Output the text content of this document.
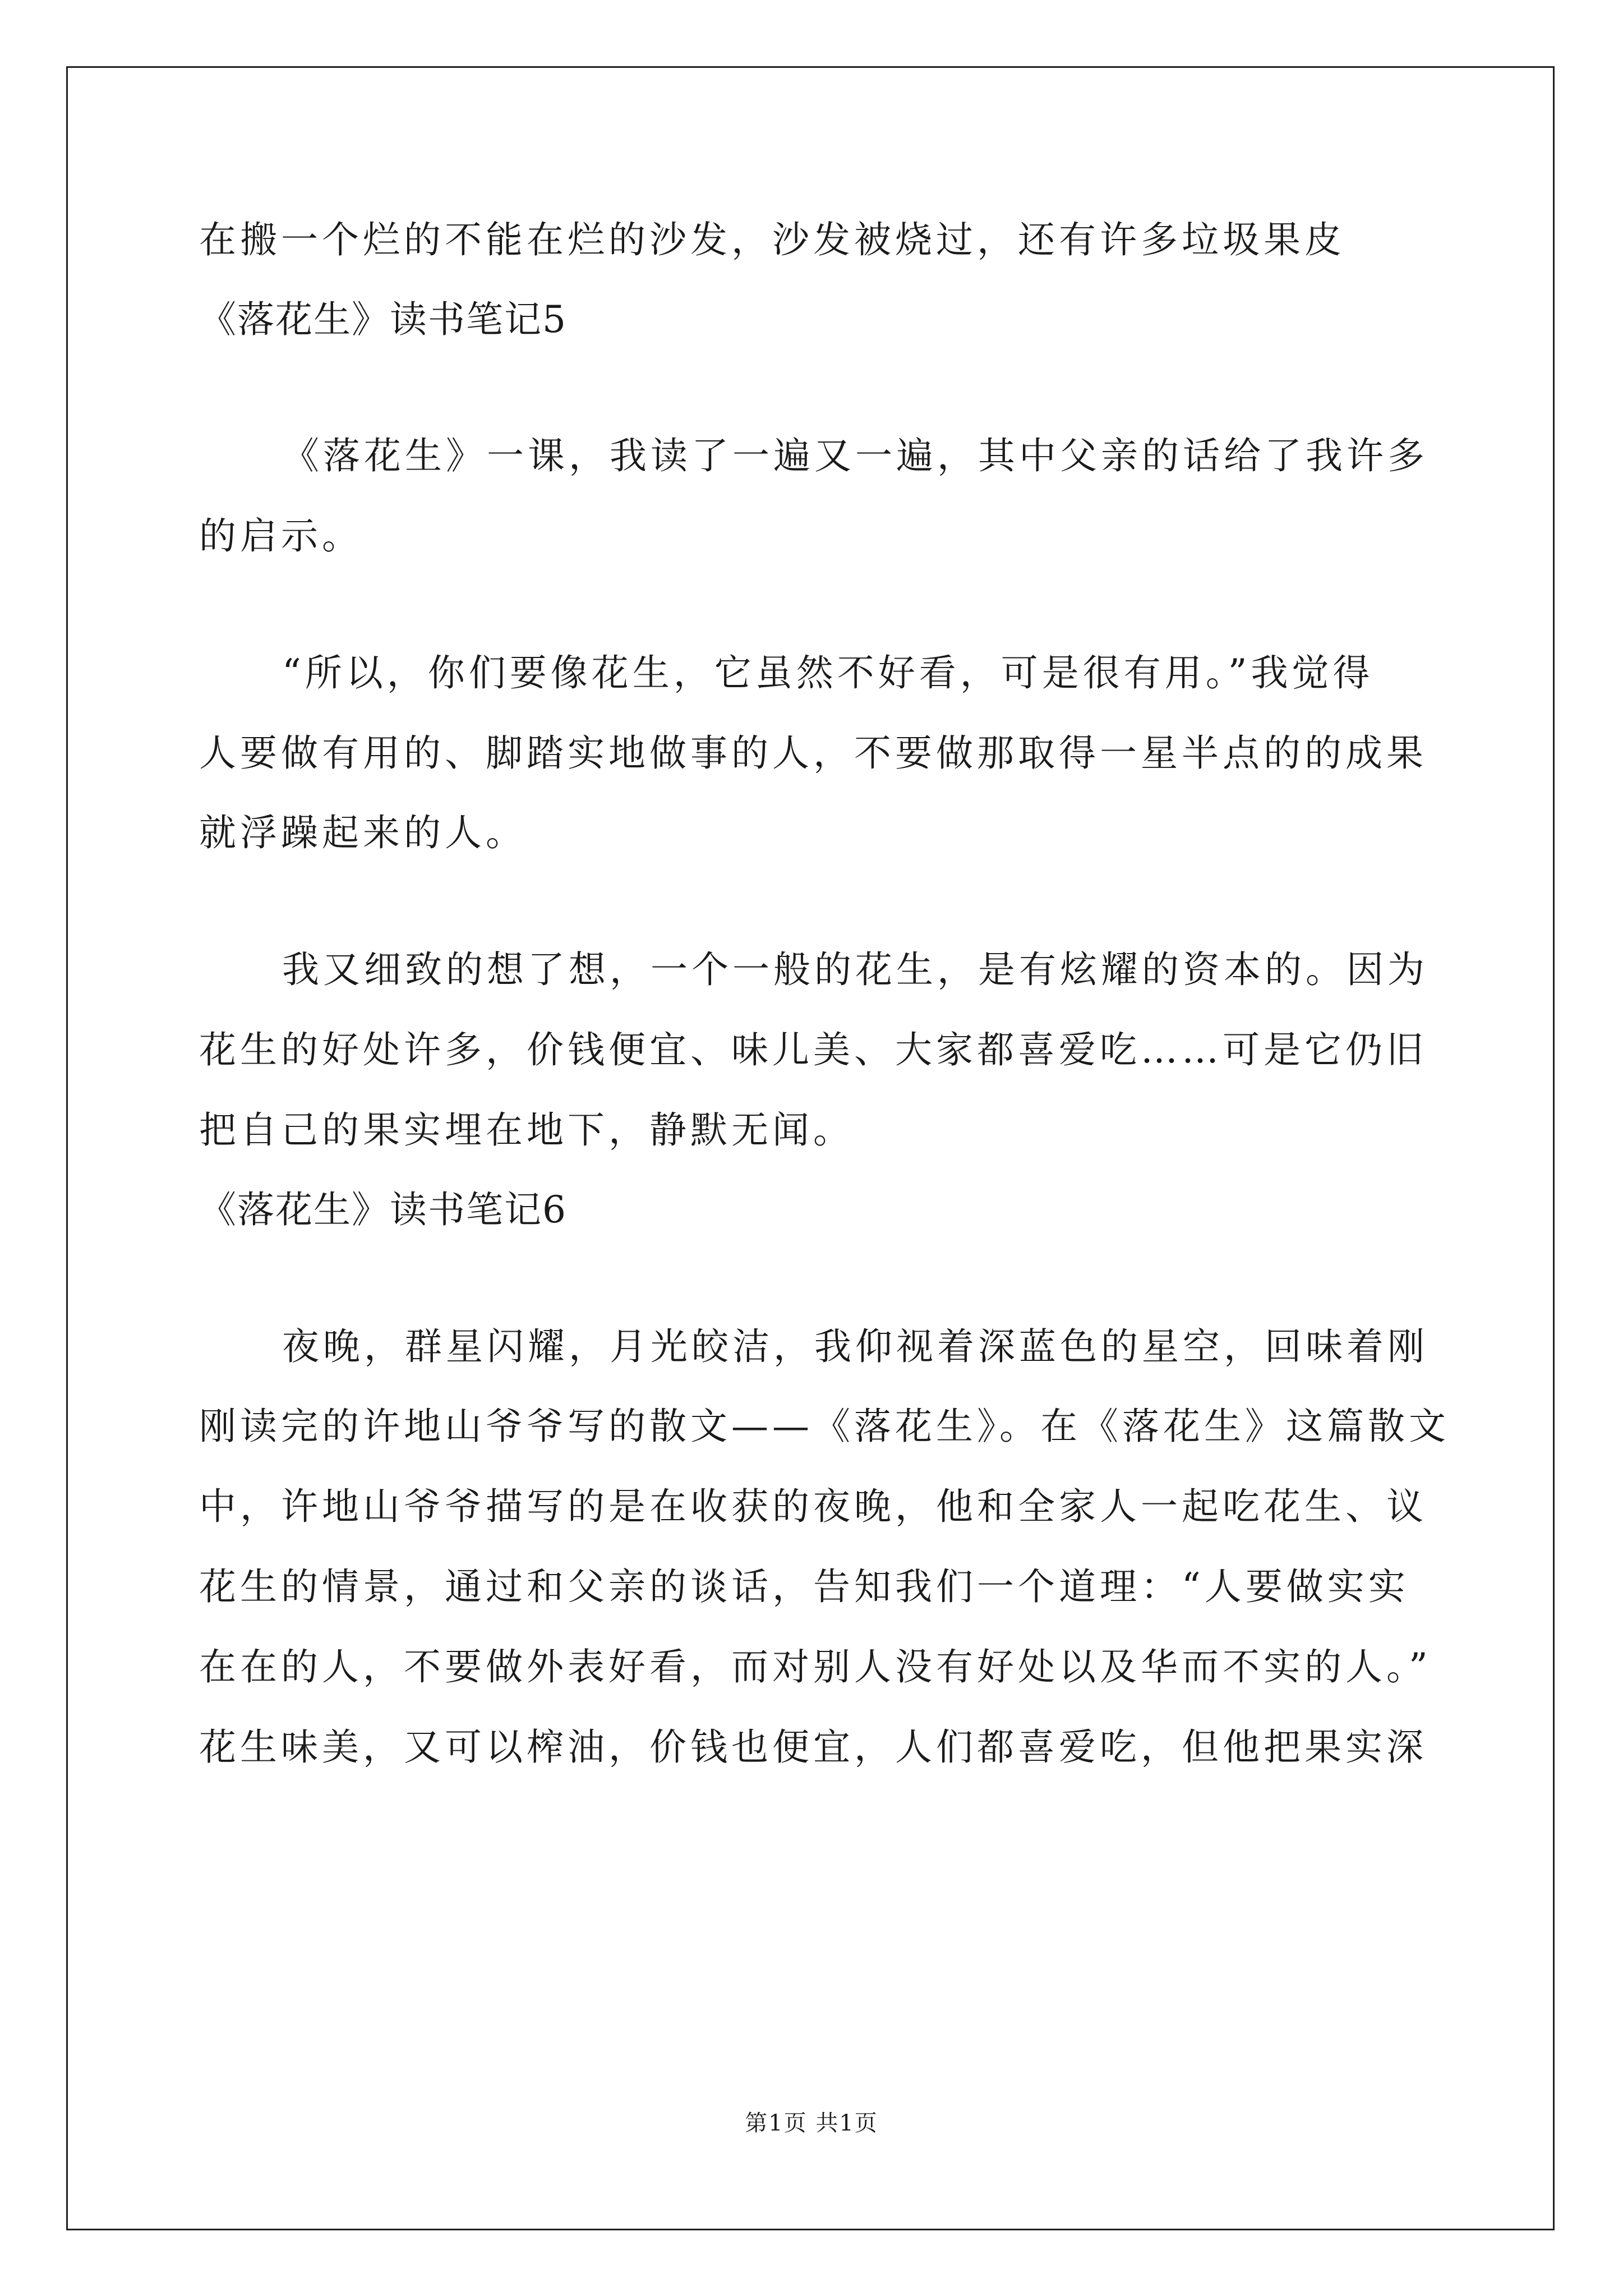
在搬一个烂的不能在烂的沙发，沙发被烧过，还有许多垃圾果皮
《落花生》读书笔记5
《落花生》一课，我读了一遍又一遍，其中父亲的话给了我许多
的启示。
“所以，你们要像花生，它虽然不好看，可是很有用。”我觉得
人要做有用的、脚踏实地做事的人，不要做那取得一星半点的的成果
就浮躁起来的人。
我又细致的想了想，一个一般的花生，是有炫耀的资本的。因为
花生的好处许多，价钱便宜、味儿美、大家都喜爱吃……可是它仍旧
把自己的果实埋在地下，静默无闻。
《落花生》读书笔记6
夜晚，群星闪耀，月光皎洁，我仰视着深蓝色的星空，回味着刚
刚读完的许地山爷爷写的散文——《落花生》。在《落花生》这篇散文
中，许地山爷爷描写的是在收获的夜晚，他和全家人一起吃花生、议
花生的情景，通过和父亲的谈话，告知我们一个道理：“人要做实实
在在的人，不要做外表好看，而对别人没有好处以及华而不实的人。”
花生味美，又可以榨油，价钱也便宜，人们都喜爱吃，但他把果实深
第1页 共1页
